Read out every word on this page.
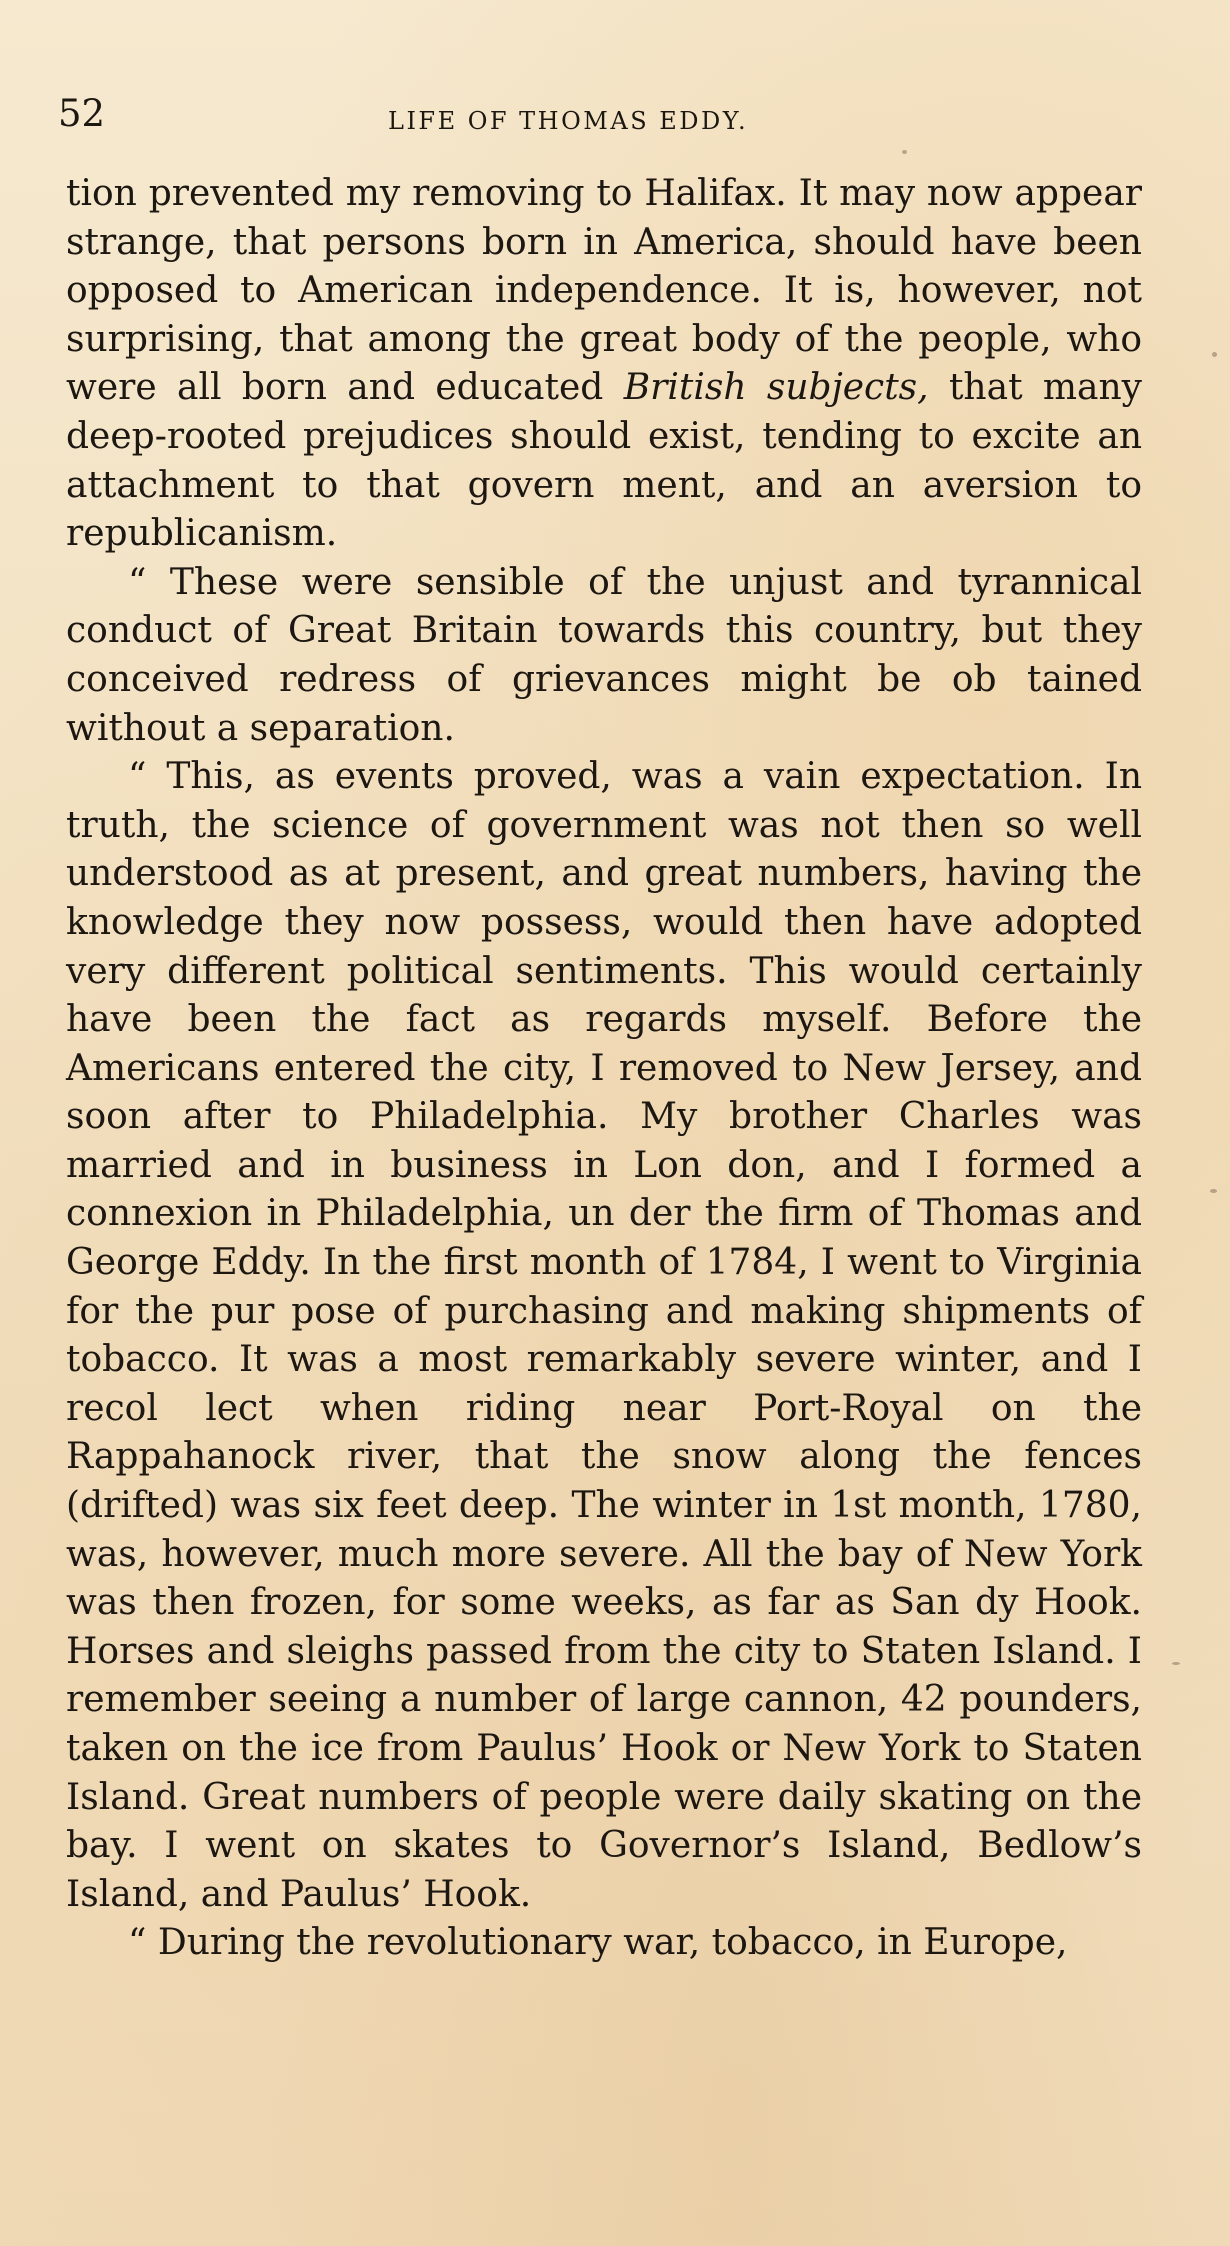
52	LIFE OF THOMAS EDDY.

tion prevented my removing to Halifax. It may now appear strange, that persons born in America, should have been opposed to American independence. It is, however, not surprising, that among the great body of the people, who were all born and educated British subjects, that many deep-rooted prejudices should exist, tending to excite an attachment to that govern ment, and an aversion to republicanism.

“ These were sensible of the unjust and tyrannical conduct of Great Britain towards this country, but they conceived redress of grievances might be ob tained without a separation.

“ This, as events proved, was a vain expectation. In truth, the science of government was not then so well understood as at present, and great numbers, having the knowledge they now possess, would then have adopted very different political sentiments. This would certainly have been the fact as regards myself. Before the Americans entered the city, I removed to New Jersey, and soon after to Philadelphia. My brother Charles was married and in business in Lon don, and I formed a connexion in Philadelphia, un der the firm of Thomas and George Eddy. In the first month of 1784, I went to Virginia for the pur pose of purchasing and making shipments of tobacco. It was a most remarkably severe winter, and I recol lect when riding near Port-Royal on the Rappahanock river, that the snow along the fences (drifted) was six feet deep. The winter in 1st month, 1780, was, however, much more severe. All the bay of New York was then frozen, for some weeks, as far as San dy Hook. Horses and sleighs passed from the city to Staten Island. I remember seeing a number of large cannon, 42 pounders, taken on the ice from Paulus’ Hook or New York to Staten Island. Great numbers of people were daily skating on the bay. I went on skates to Governor’s Island, Bedlow’s Island, and Paulus’ Hook.

“ During the revolutionary war, tobacco, in Europe,
